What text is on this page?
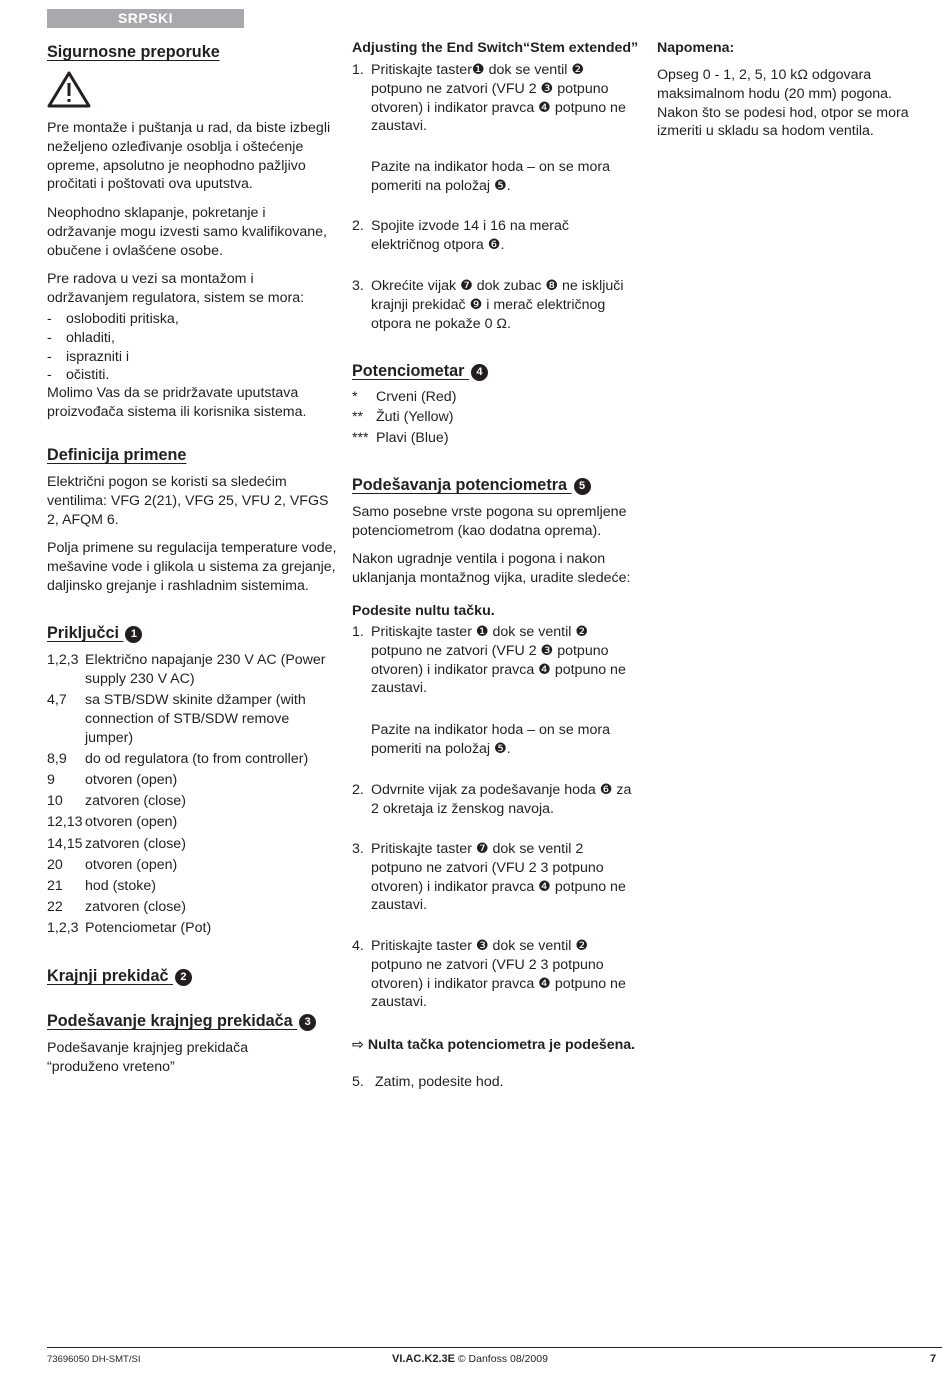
SRPSKI
Sigurnosne preporuke
Pre montaže i puštanja u rad, da biste izbegli neželjeno ozleđivanje osoblja i oštećenje opreme, apsolutno je neophodno pažljivo pročitati i poštovati ova uputstva.
Neophodno sklapanje, pokretanje i održavanje mogu izvesti samo kvalifikovane, obučene i ovlašćene osobe.
Pre radova u vezi sa montažom i održavanjem regulatora, sistem se mora:
- osloboditi pritiska,
- ohladiti,
- isprazniti i
- očistiti.
Molimo Vas da se pridržavate uputstava proizvođača sistema ili korisnika sistema.
Definicija primene
Električni pogon se koristi sa sledećim ventilima: VFG 2(21), VFG 25, VFU 2, VFGS 2, AFQM 6.
Polja primene su regulacija temperature vode, mešavine vode i glikola u sistema za grejanje, daljinsko grejanje i rashladnim sistemima.
Priključci 1
1,2,3 Električno napajanje 230 V AC (Power supply 230 V AC)
4,7 sa STB/SDW skinite džamper (with connection of STB/SDW remove jumper)
8,9 do od regulatora (to from controller)
9 otvoren (open)
10 zatvoren (close)
12,13 otvoren (open)
14,15 zatvoren (close)
20 otvoren (open)
21 hod (stoke)
22 zatvoren (close)
1,2,3 Potenciometar (Pot)
Krajnji prekidač 2
Podešavanje krajnjeg prekidača 3
Podešavanje krajnjeg prekidača “produženo vreteno”
Adjusting the End Switch“Stem extended”
1. Pritiskajte taster❶ dok se ventil ❷ potpuno ne zatvori (VFU 2 ❸ potpuno otvoren) i indikator pravca ❹ potpuno ne zaustavi.
Pazite na indikator hoda – on se mora pomeriti na položaj ❺.
2. Spojite izvode 14 i 16 na merač električnog otpora ❻.
3. Okrećite vijak ❼ dok zubac ❽ ne isključi krajnji prekidač ❾ i merač električnog otpora ne pokaže 0 Ω.
Potenciometar 4
* Crveni (Red)
** Žuti (Yellow)
*** Plavi (Blue)
Podešavanja potenciometra 5
Samo posebne vrste pogona su opremljene potenciometrom (kao dodatna oprema).
Nakon ugradnje ventila i pogona i nakon uklanjanja montažnog vijka, uradite sledeće:
Podesite nultu tačku.
1. Pritiskajte taster ❶ dok se ventil ❷ potpuno ne zatvori (VFU 2 ❸ potpuno otvoren) i indikator pravca ❹ potpuno ne zaustavi.
Pazite na indikator hoda – on se mora pomeriti na položaj ❺.
2. Odvrnite vijak za podešavanje hoda ❻ za 2 okretaja iz ženskog navoja.
3. Pritiskajte taster ❼ dok se ventil 2 potpuno ne zatvori (VFU 2 3 potpuno otvoren) i indikator pravca ❹ potpuno ne zaustavi.
4. Pritiskajte taster ❸ dok se ventil ❷ potpuno ne zatvori (VFU 2 3 potpuno otvoren) i indikator pravca ❹ potpuno ne zaustavi.
⇨ Nulta tačka potenciometra je podešena.
5. Zatim, podesite hod.
Napomena:
Opseg 0 - 1, 2, 5, 10 kΩ odgovara maksimalnom hodu (20 mm) pogona. Nakon što se podesi hod, otpor se mora izmeriti u skladu sa hodom ventila.
73696050 DH-SMT/SI	VI.AC.K2.3E © Danfoss 08/2009	7
